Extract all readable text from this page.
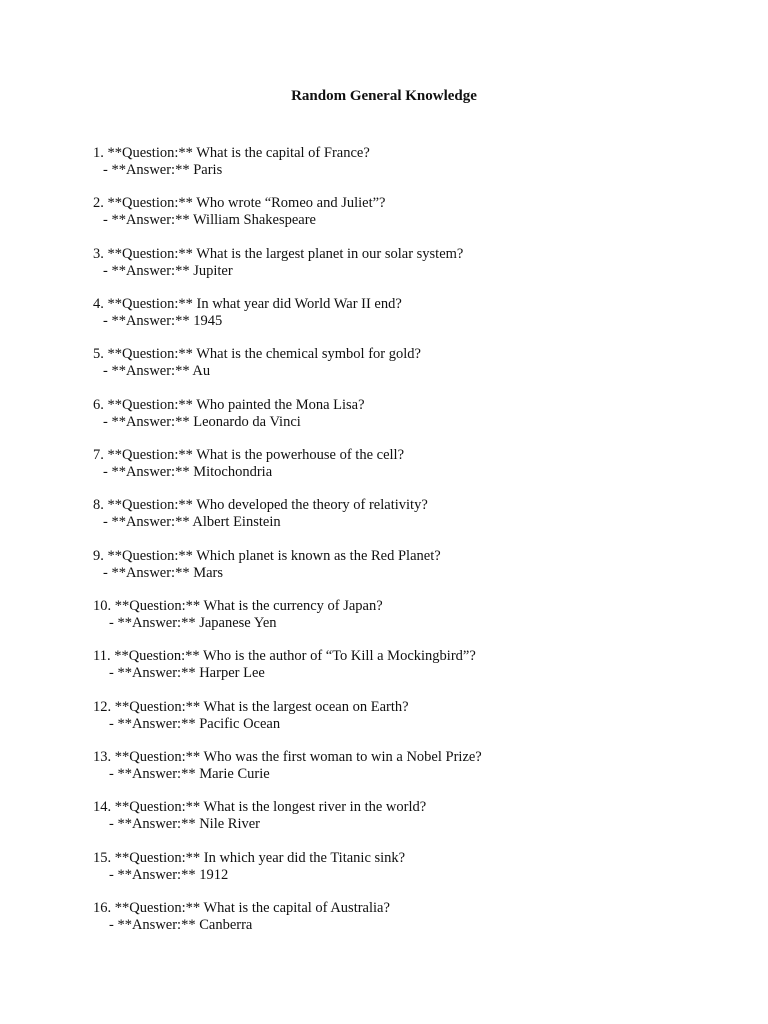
Random General Knowledge
1. **Question:** What is the capital of France?
- **Answer:** Paris
2. **Question:** Who wrote “Romeo and Juliet”?
- **Answer:** William Shakespeare
3. **Question:** What is the largest planet in our solar system?
- **Answer:** Jupiter
4. **Question:** In what year did World War II end?
- **Answer:** 1945
5. **Question:** What is the chemical symbol for gold?
- **Answer:** Au
6. **Question:** Who painted the Mona Lisa?
- **Answer:** Leonardo da Vinci
7. **Question:** What is the powerhouse of the cell?
- **Answer:** Mitochondria
8. **Question:** Who developed the theory of relativity?
- **Answer:** Albert Einstein
9. **Question:** Which planet is known as the Red Planet?
- **Answer:** Mars
10. **Question:** What is the currency of Japan?
- **Answer:** Japanese Yen
11. **Question:** Who is the author of “To Kill a Mockingbird”?
- **Answer:** Harper Lee
12. **Question:** What is the largest ocean on Earth?
- **Answer:** Pacific Ocean
13. **Question:** Who was the first woman to win a Nobel Prize?
- **Answer:** Marie Curie
14. **Question:** What is the longest river in the world?
- **Answer:** Nile River
15. **Question:** In which year did the Titanic sink?
- **Answer:** 1912
16. **Question:** What is the capital of Australia?
- **Answer:** Canberra
